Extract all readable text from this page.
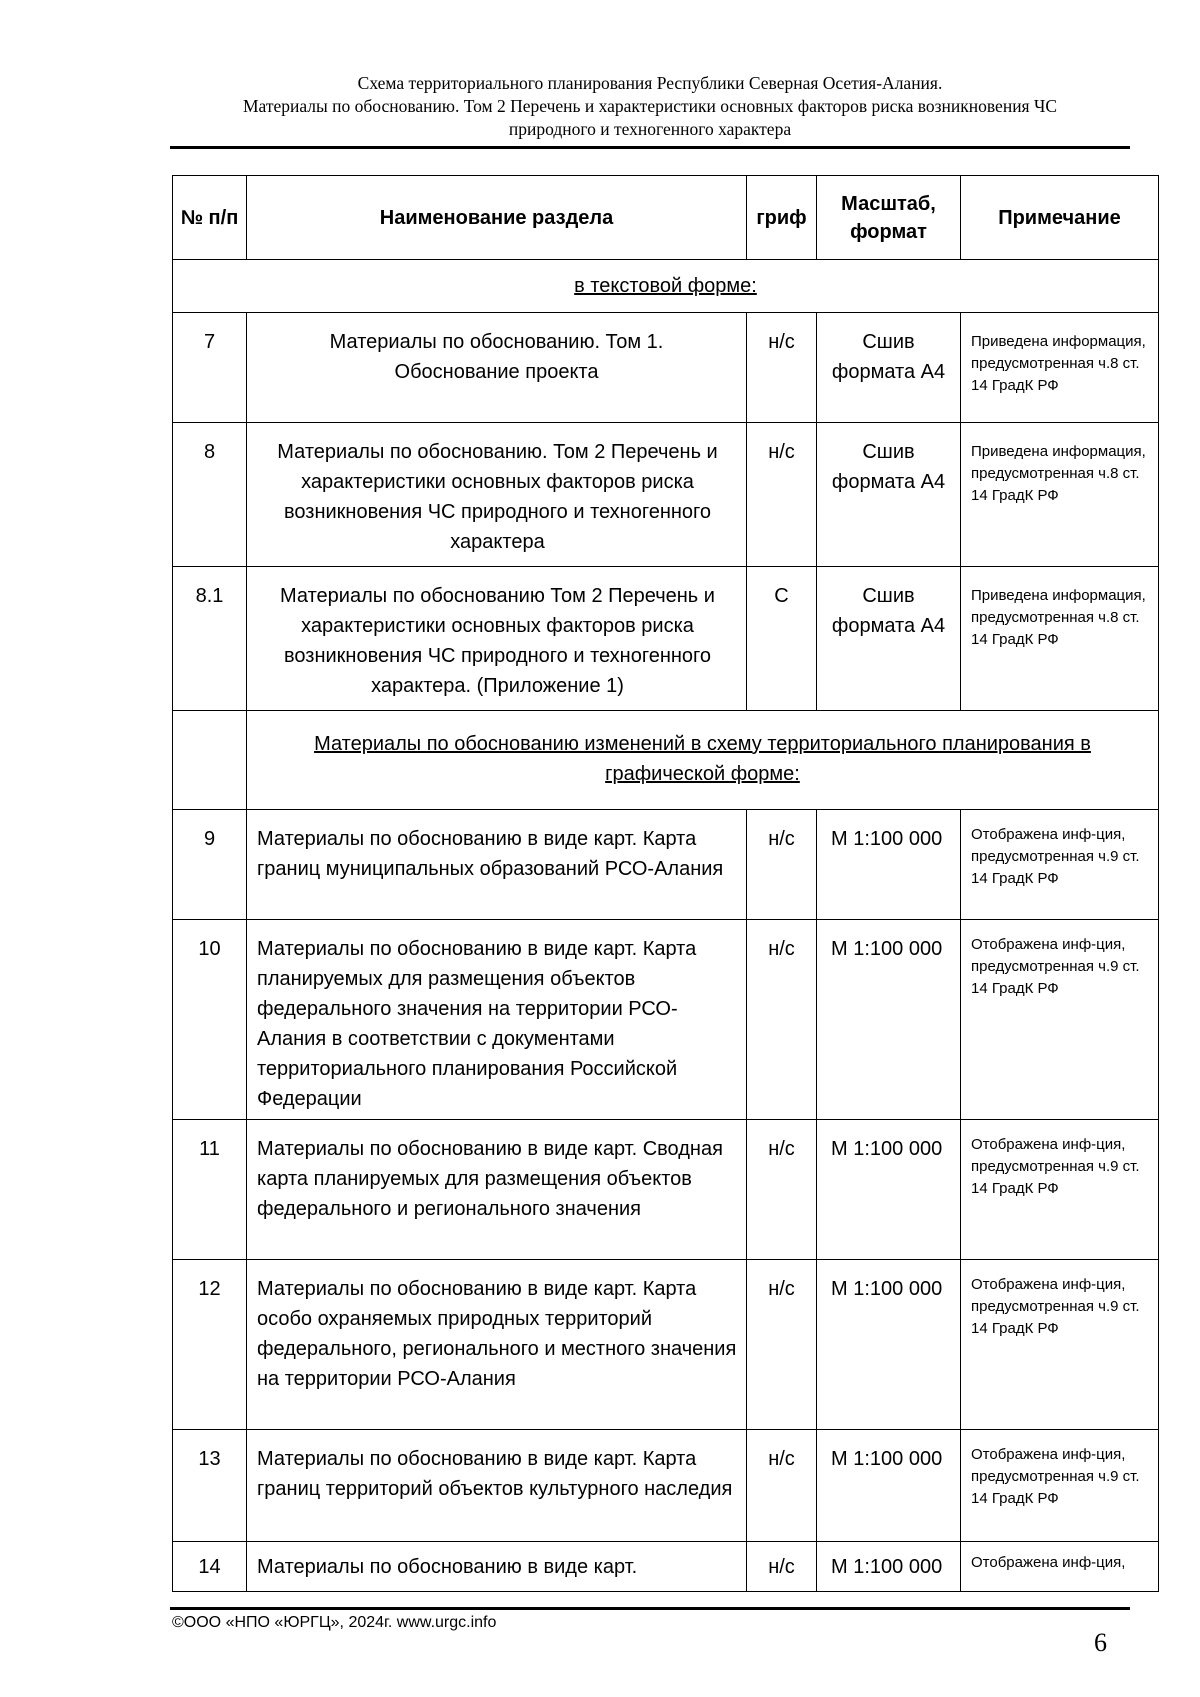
Схема территориального планирования Республики Северная Осетия-Алания.
Материалы по обоснованию. Том 2 Перечень и характеристики основных факторов риска возникновения ЧС
природного и техногенного характера
№ п/п	Наименование раздела	гриф	Масштаб, формат	Примечание
в текстовой форме:				
7	Материалы по обоснованию. Том 1. Обоснование проекта	н/с	Сшив формата А4	Приведена информация, предусмотренная ч.8 ст. 14 ГрадК РФ
8	Материалы по обоснованию. Том 2 Перечень и характеристики основных факторов риска возникновения ЧС природного и техногенного характера	н/с	Сшив формата А4	Приведена информация, предусмотренная ч.8 ст. 14 ГрадК РФ
8.1	Материалы по обоснованию Том 2 Перечень и характеристики основных факторов риска возникновения ЧС природного и техногенного характера. (Приложение 1)	С	Сшив формата А4	Приведена информация, предусмотренная ч.8 ст. 14 ГрадК РФ
	Материалы по обоснованию изменений в схему территориального планирования в графической форме:			
9	Материалы по обоснованию в виде карт. Карта границ муниципальных образований РСО-Алания	н/с	М 1:100 000	Отображена инф-ция, предусмотренная ч.9 ст. 14 ГрадК РФ
10	Материалы по обоснованию в виде карт. Карта планируемых для размещения объектов федерального значения на территории РСО-Алания в соответствии с документами территориального планирования Российской Федерации	н/с	М 1:100 000	Отображена инф-ция, предусмотренная ч.9 ст. 14 ГрадК РФ
11	Материалы по обоснованию в виде карт. Сводная карта планируемых для размещения объектов федерального и регионального значения	н/с	М 1:100 000	Отображена инф-ция, предусмотренная ч.9 ст. 14 ГрадК РФ
12	Материалы по обоснованию в виде карт. Карта особо охраняемых природных территорий федерального, регионального и местного значения на территории РСО-Алания	н/с	М 1:100 000	Отображена инф-ция, предусмотренная ч.9 ст. 14 ГрадК РФ
13	Материалы по обоснованию в виде карт. Карта границ территорий объектов культурного наследия	н/с	М 1:100 000	Отображена инф-ция, предусмотренная ч.9 ст. 14 ГрадК РФ
14	Материалы по обоснованию в виде карт.	н/с	М 1:100 000	Отображена инф-ция,
©ООО «НПО «ЮРГЦ», 2024г. www.urgc.info
6
